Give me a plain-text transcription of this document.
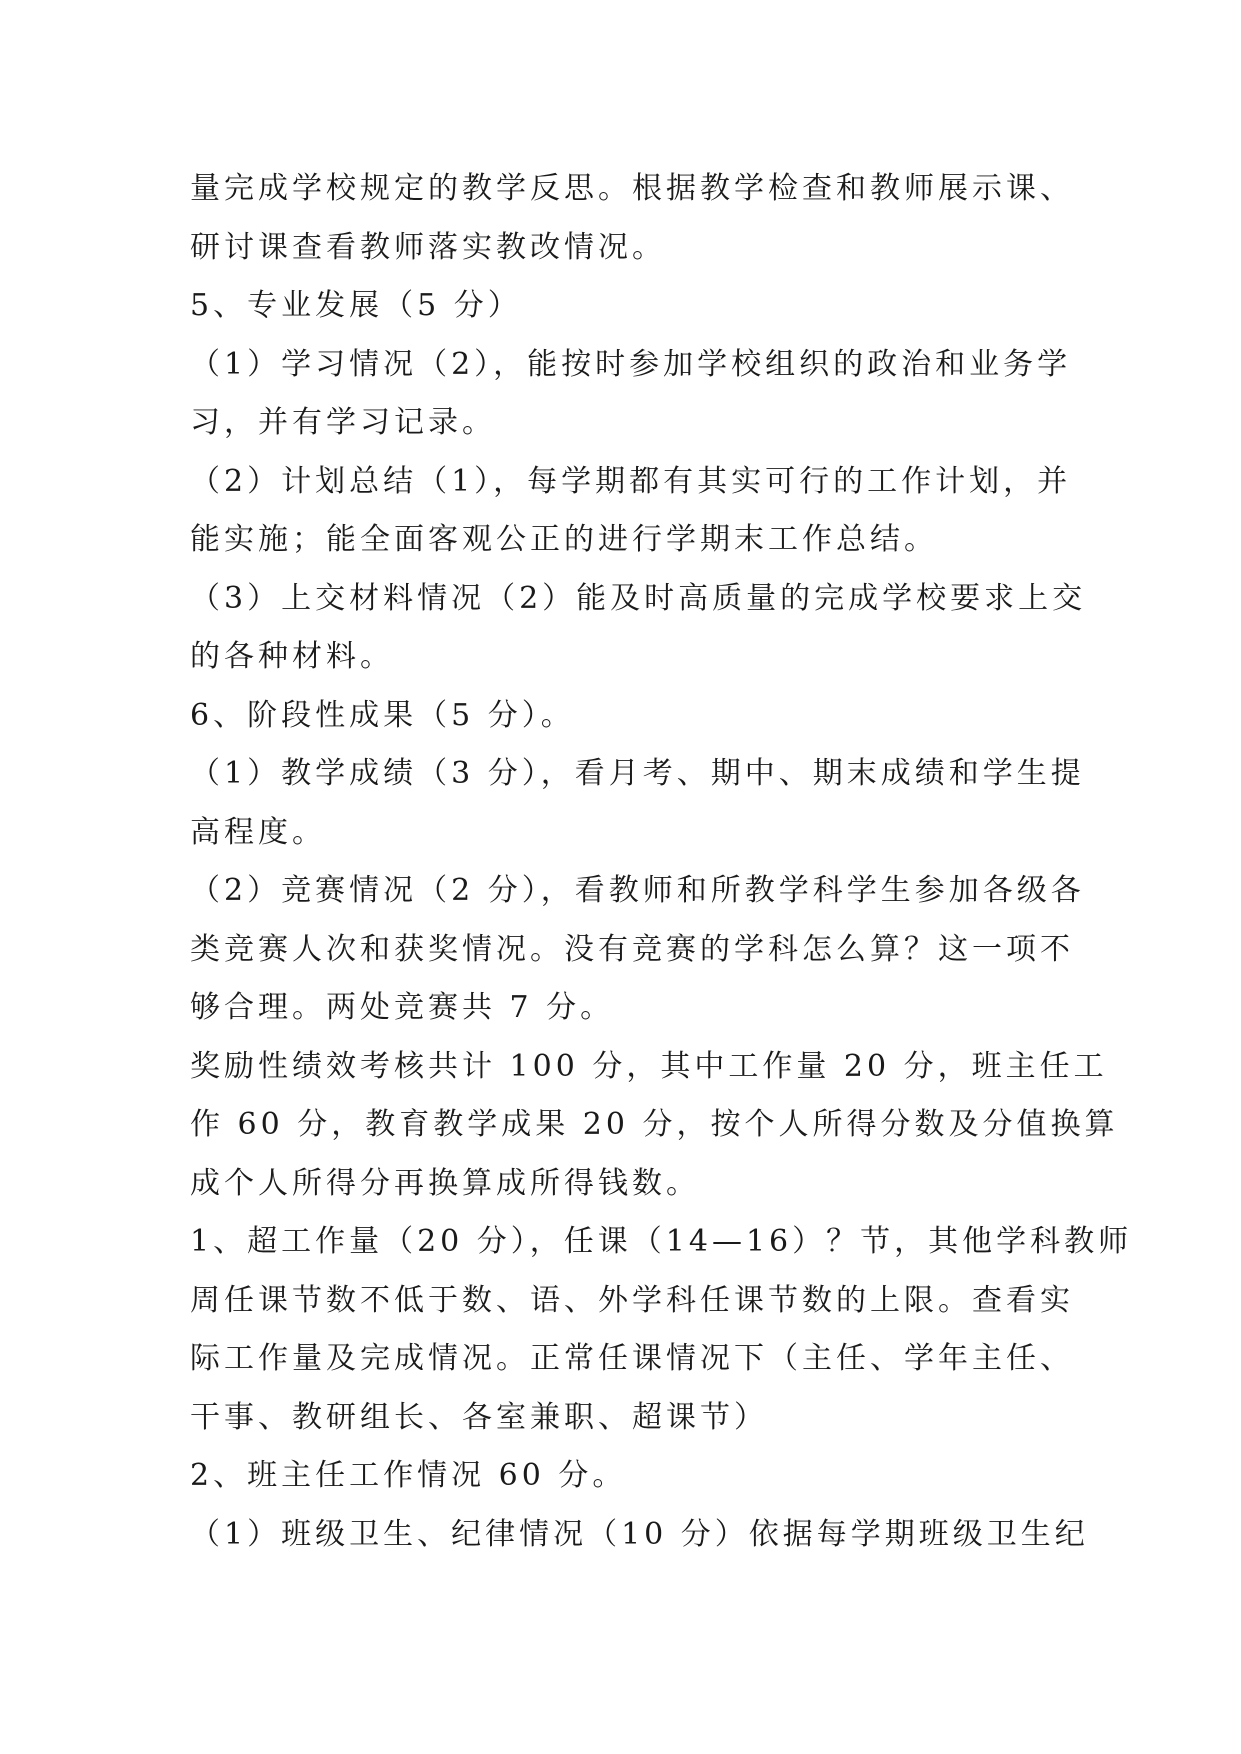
量完成学校规定的教学反思。根据教学检查和教师展示课、
研讨课查看教师落实教改情况。
5、专业发展（5 分）
（1）学习情况（2），能按时参加学校组织的政治和业务学
习，并有学习记录。
（2）计划总结（1），每学期都有其实可行的工作计划，并
能实施；能全面客观公正的进行学期末工作总结。
（3）上交材料情况（2）能及时高质量的完成学校要求上交
的各种材料。
6、阶段性成果（5 分）。
（1）教学成绩（3 分），看月考、期中、期末成绩和学生提
高程度。
（2）竞赛情况（2 分），看教师和所教学科学生参加各级各
类竞赛人次和获奖情况。没有竞赛的学科怎么算？这一项不
够合理。两处竞赛共 7 分。
奖励性绩效考核共计 100 分，其中工作量 20 分，班主任工
作 60 分，教育教学成果 20 分，按个人所得分数及分值换算
成个人所得分再换算成所得钱数。
1、超工作量（20 分），任课（14—16）？节，其他学科教师
周任课节数不低于数、语、外学科任课节数的上限。查看实
际工作量及完成情况。正常任课情况下（主任、学年主任、
干事、教研组长、各室兼职、超课节）
2、班主任工作情况 60 分。
（1）班级卫生、纪律情况（10 分）依据每学期班级卫生纪
